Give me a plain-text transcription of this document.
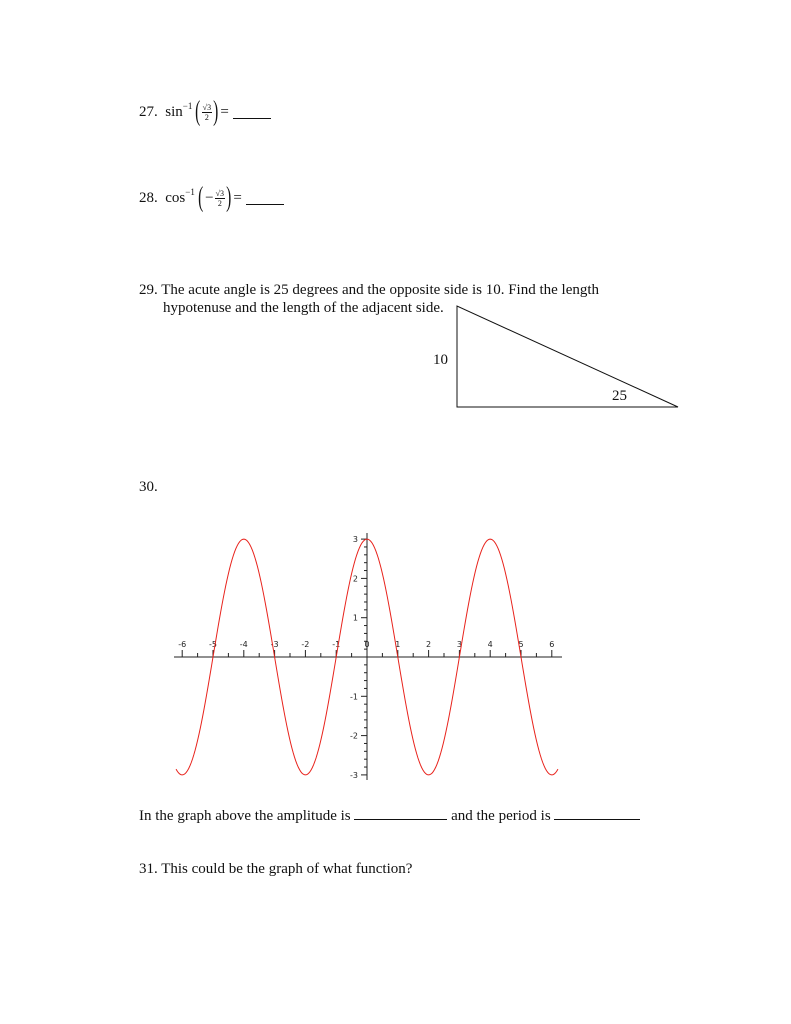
27. sin −1 ( $\frac{√3}{2}$ ) =

28. cos −1 ( − $\frac{√3}{2}$ ) =

29. The acute angle is 25 degrees and the opposite side is 10. Find the length
hypotenuse and the length of the adjacent side.
10
25
30.
-6	-5	-4	-3	-2	-1	0	1	2	3	4	5	6
-3
-2
-1
1
2
3
In the graph above the amplitude is	and the period is
31. This could be the graph of what function?
